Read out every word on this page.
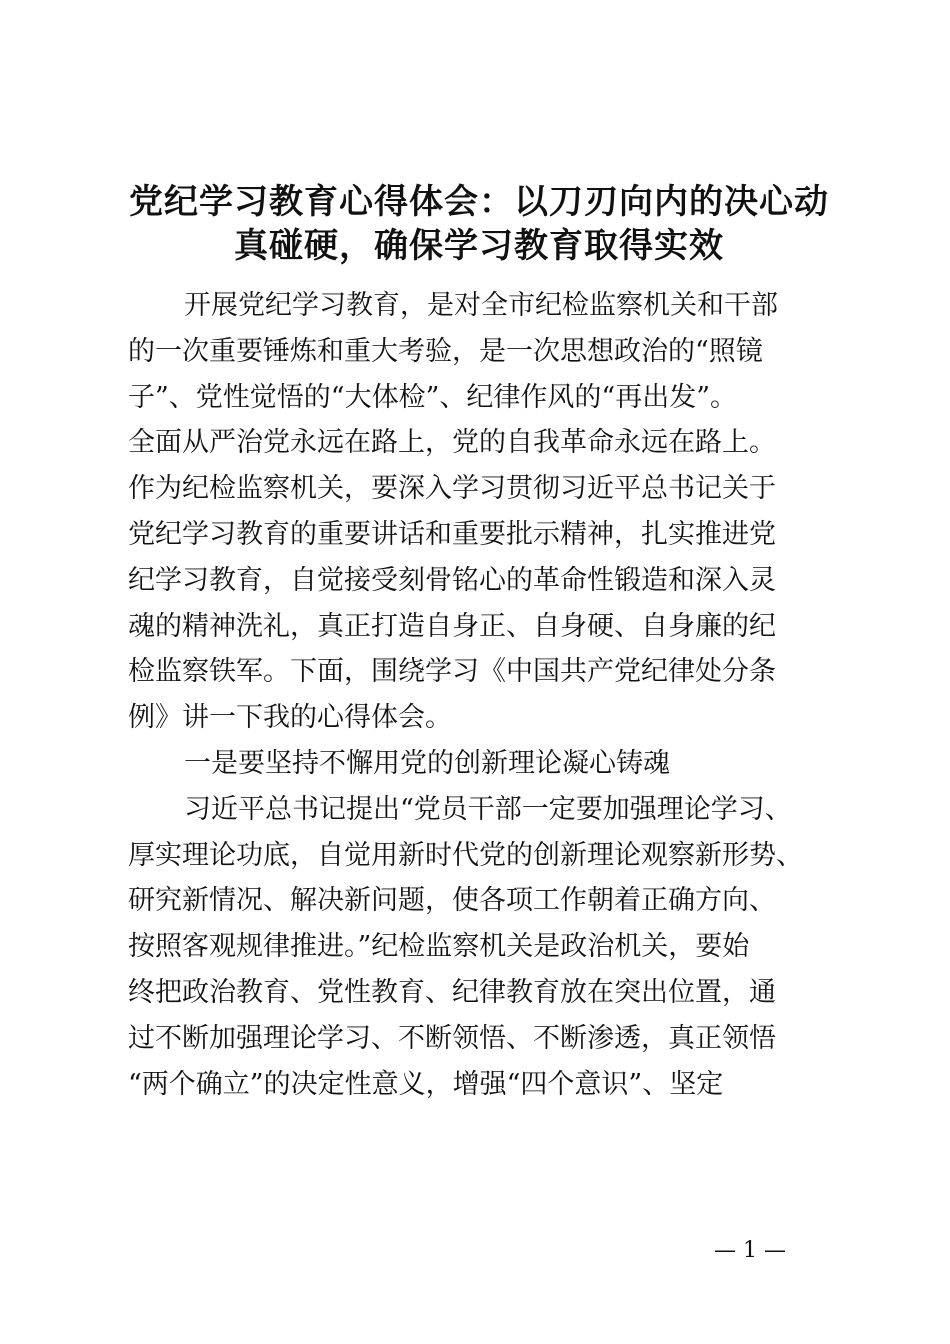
党纪学习教育心得体会：以刀刃向内的决心动
真碰硬，确保学习教育取得实效
开展党纪学习教育，是对全市纪检监察机关和干部
的一次重要锤炼和重大考验，是一次思想政治的“照镜
子”、党性觉悟的“大体检”、纪律作风的“再出发”。
全面从严治党永远在路上，党的自我革命永远在路上。
作为纪检监察机关，要深入学习贯彻习近平总书记关于
党纪学习教育的重要讲话和重要批示精神，扎实推进党
纪学习教育，自觉接受刻骨铭心的革命性锻造和深入灵
魂的精神洗礼，真正打造自身正、自身硬、自身廉的纪
检监察铁军。下面，围绕学习《中国共产党纪律处分条
例》讲一下我的心得体会。
一是要坚持不懈用党的创新理论凝心铸魂
习近平总书记提出“党员干部一定要加强理论学习、
厚实理论功底，自觉用新时代党的创新理论观察新形势、
研究新情况、解决新问题，使各项工作朝着正确方向、
按照客观规律推进。”纪检监察机关是政治机关，要始
终把政治教育、党性教育、纪律教育放在突出位置，通
过不断加强理论学习、不断领悟、不断渗透，真正领悟
“两个确立”的决定性意义，增强“四个意识”、坚定
— 1 —
